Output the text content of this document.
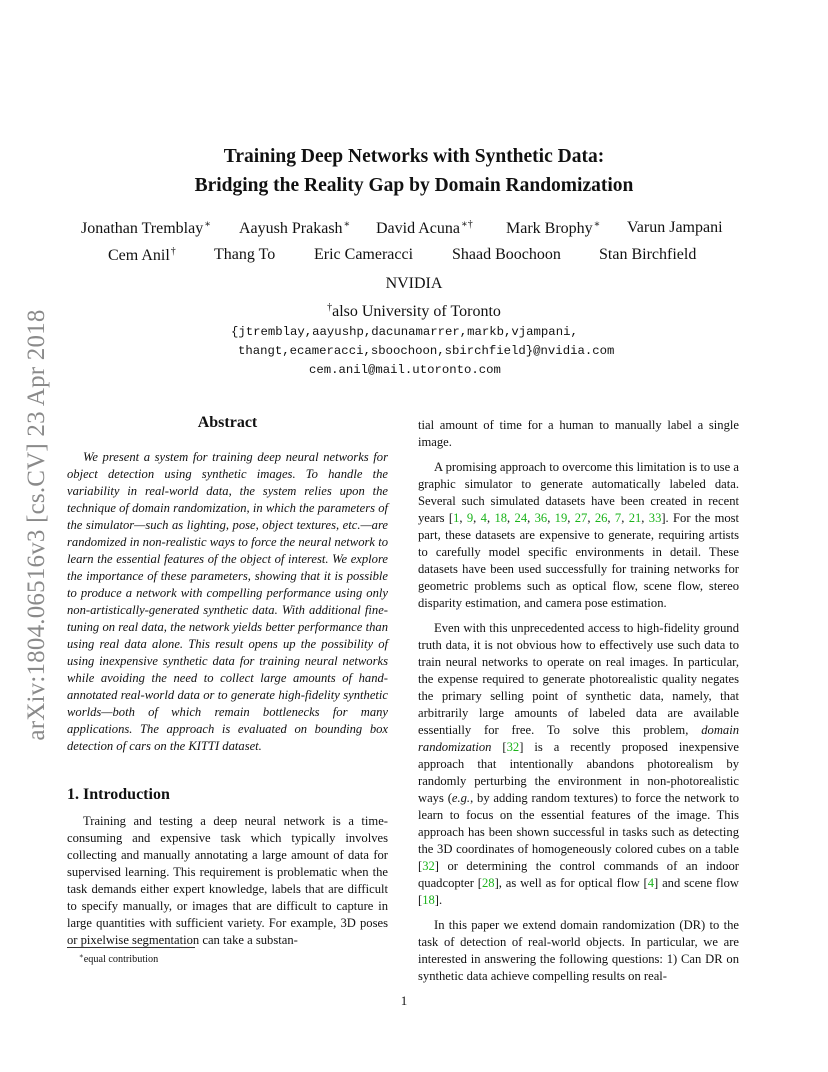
arXiv:1804.06516v3 [cs.CV] 23 Apr 2018
Training Deep Networks with Synthetic Data:
Bridging the Reality Gap by Domain Randomization
Jonathan Tremblay∗ Aayush Prakash∗ David Acuna∗† Mark Brophy∗ Varun Jampani
Cem Anil† Thang To Eric Cameracci Shaad Boochoon Stan Birchfield
NVIDIA
†also University of Toronto
{jtremblay,aayushp,dacunamarrer,markb,vjampani,
thangt,ecameracci,sboochoon,sbirchfield}@nvidia.com
cem.anil@mail.utoronto.com
Abstract

We present a system for training deep neural networks for object detection using synthetic images. To handle the variability in real-world data, the system relies upon the technique of domain randomization, in which the parameters of the simulator—such as lighting, pose, object textures, etc.—are randomized in non-realistic ways to force the neural network to learn the essential features of the object of interest. We explore the importance of these parameters, showing that it is possible to produce a network with compelling performance using only non-artistically-generated synthetic data. With additional fine-tuning on real data, the network yields better performance than using real data alone. This result opens up the possibility of using inexpensive synthetic data for training neural networks while avoiding the need to collect large amounts of hand-annotated real-world data or to generate high-fidelity synthetic worlds—both of which remain bottlenecks for many applications. The approach is evaluated on bounding box detection of cars on the KITTI dataset.

1. Introduction

Training and testing a deep neural network is a time-consuming and expensive task which typically involves collecting and manually annotating a large amount of data for supervised learning. This requirement is problematic when the task demands either expert knowledge, labels that are difficult to specify manually, or images that are difficult to capture in large quantities with sufficient variety. For example, 3D poses or pixelwise segmentation can take a substan-

∗equal contribution

tial amount of time for a human to manually label a single image.

A promising approach to overcome this limitation is to use a graphic simulator to generate automatically labeled data. Several such simulated datasets have been created in recent years [1, 9, 4, 18, 24, 36, 19, 27, 26, 7, 21, 33]. For the most part, these datasets are expensive to generate, requiring artists to carefully model specific environments in detail. These datasets have been used successfully for training networks for geometric problems such as optical flow, scene flow, stereo disparity estimation, and camera pose estimation.

Even with this unprecedented access to high-fidelity ground truth data, it is not obvious how to effectively use such data to train neural networks to operate on real images. In particular, the expense required to generate photorealistic quality negates the primary selling point of synthetic data, namely, that arbitrarily large amounts of labeled data are available essentially for free. To solve this problem, domain randomization [32] is a recently proposed inexpensive approach that intentionally abandons photorealism by randomly perturbing the environment in non-photorealistic ways (e.g., by adding random textures) to force the network to learn to focus on the essential features of the image. This approach has been shown successful in tasks such as detecting the 3D coordinates of homogeneously colored cubes on a table [32] or determining the control commands of an indoor quadcopter [28], as well as for optical flow [4] and scene flow [18].

In this paper we extend domain randomization (DR) to the task of detection of real-world objects. In particular, we are interested in answering the following questions: 1) Can DR on synthetic data achieve compelling results on real-

1
